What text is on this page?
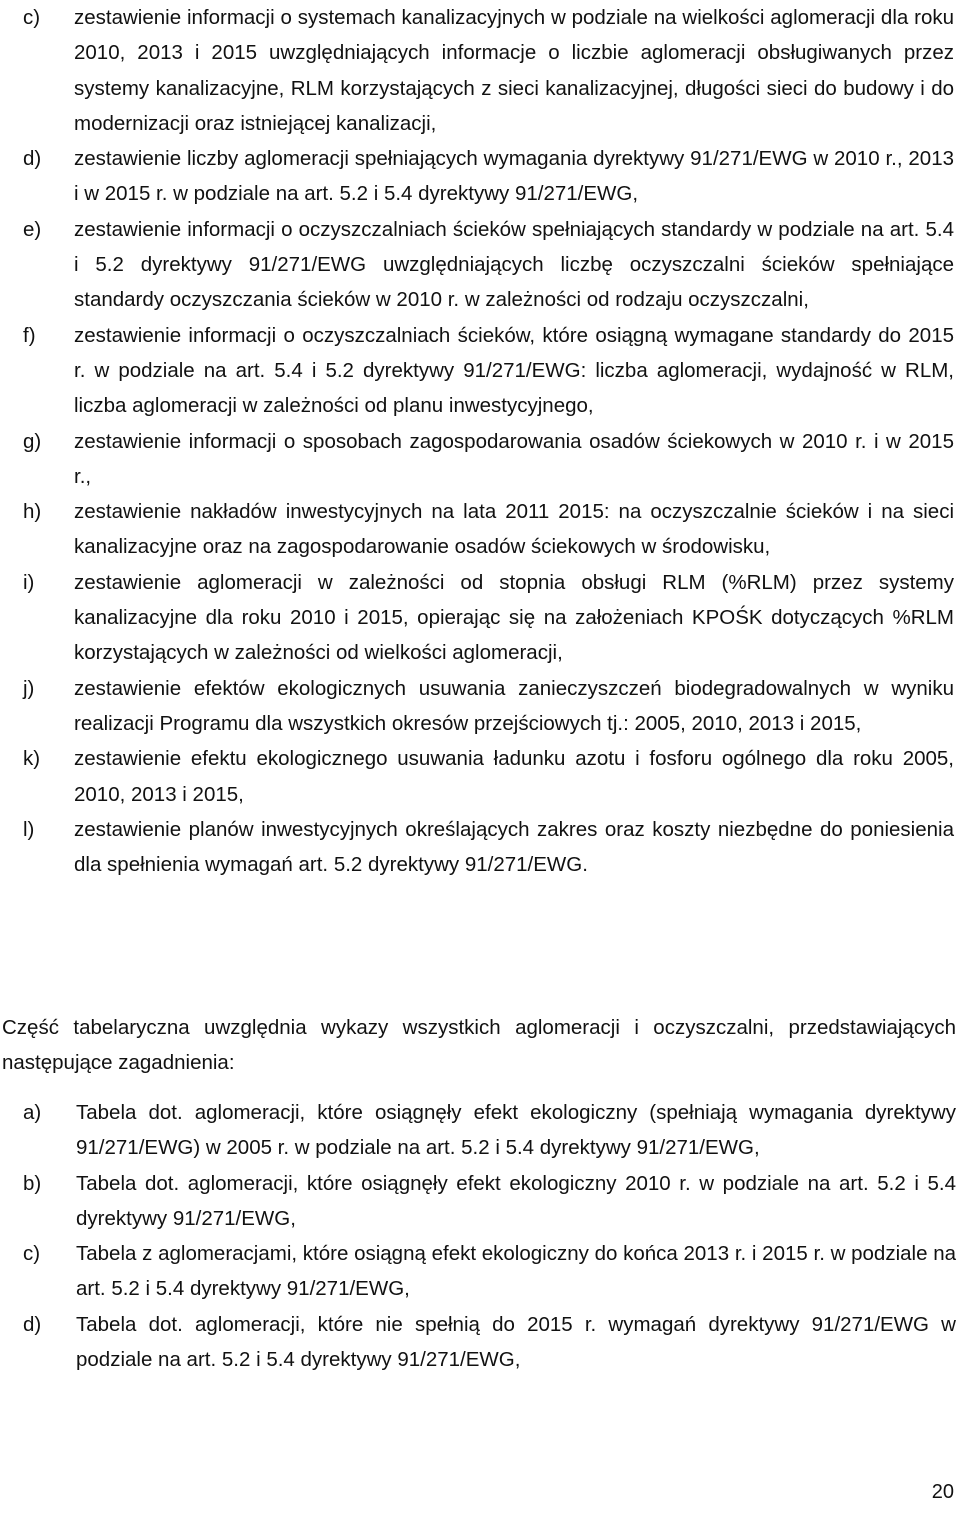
c)	zestawienie informacji o systemach kanalizacyjnych w podziale na wielkości aglomeracji dla roku 2010, 2013 i 2015 uwzględniających informacje o liczbie aglomeracji obsługiwanych przez systemy kanalizacyjne, RLM korzystających z sieci kanalizacyjnej, długości sieci do budowy i do modernizacji oraz istniejącej kanalizacji,
d)	zestawienie liczby aglomeracji spełniających wymagania dyrektywy 91/271/EWG w 2010 r., 2013 i w 2015 r. w podziale na art. 5.2 i 5.4 dyrektywy 91/271/EWG,
e)	zestawienie informacji o oczyszczalniach ścieków spełniających standardy w podziale na art. 5.4 i 5.2 dyrektywy 91/271/EWG uwzględniających liczbę oczyszczalni ścieków spełniające standardy oczyszczania ścieków w 2010 r. w zależności od rodzaju oczyszczalni,
f)	zestawienie informacji o oczyszczalniach ścieków, które osiągną wymagane standardy do 2015 r. w podziale na art. 5.4 i 5.2 dyrektywy 91/271/EWG: liczba aglomeracji, wydajność w RLM, liczba aglomeracji w zależności od planu inwestycyjnego,
g)	zestawienie informacji o sposobach zagospodarowania osadów ściekowych w 2010 r. i w 2015 r.,
h)	zestawienie nakładów inwestycyjnych na lata 2011 2015: na oczyszczalnie ścieków i na sieci kanalizacyjne oraz na zagospodarowanie osadów ściekowych w środowisku,
i)	zestawienie aglomeracji w zależności od stopnia obsługi RLM (%RLM) przez systemy kanalizacyjne dla roku 2010 i 2015, opierając się na założeniach KPOŚK dotyczących %RLM korzystających w zależności od wielkości aglomeracji,
j)	zestawienie efektów ekologicznych usuwania zanieczyszczeń biodegradowalnych w wyniku realizacji Programu dla wszystkich okresów przejściowych tj.: 2005, 2010, 2013 i 2015,
k)	zestawienie efektu ekologicznego usuwania ładunku azotu i fosforu ogólnego dla roku 2005, 2010, 2013 i 2015,
l)	zestawienie planów inwestycyjnych określających zakres oraz koszty niezbędne do poniesienia dla spełnienia wymagań art. 5.2 dyrektywy 91/271/EWG.

Część tabelaryczna uwzględnia wykazy wszystkich aglomeracji i oczyszczalni, przedstawiających następujące zagadnienia:

a)	Tabela dot. aglomeracji, które osiągnęły efekt ekologiczny (spełniają wymagania dyrektywy 91/271/EWG) w 2005 r. w podziale na art. 5.2 i 5.4 dyrektywy 91/271/EWG,
b)	Tabela dot. aglomeracji, które osiągnęły efekt ekologiczny 2010 r. w podziale na art. 5.2 i 5.4 dyrektywy 91/271/EWG,
c)	Tabela z aglomeracjami, które osiągną efekt ekologiczny do końca 2013 r. i 2015 r. w podziale na art. 5.2 i 5.4 dyrektywy 91/271/EWG,
d)	Tabela dot. aglomeracji, które nie spełnią do 2015 r. wymagań dyrektywy 91/271/EWG w podziale na art. 5.2 i 5.4 dyrektywy 91/271/EWG,
20
